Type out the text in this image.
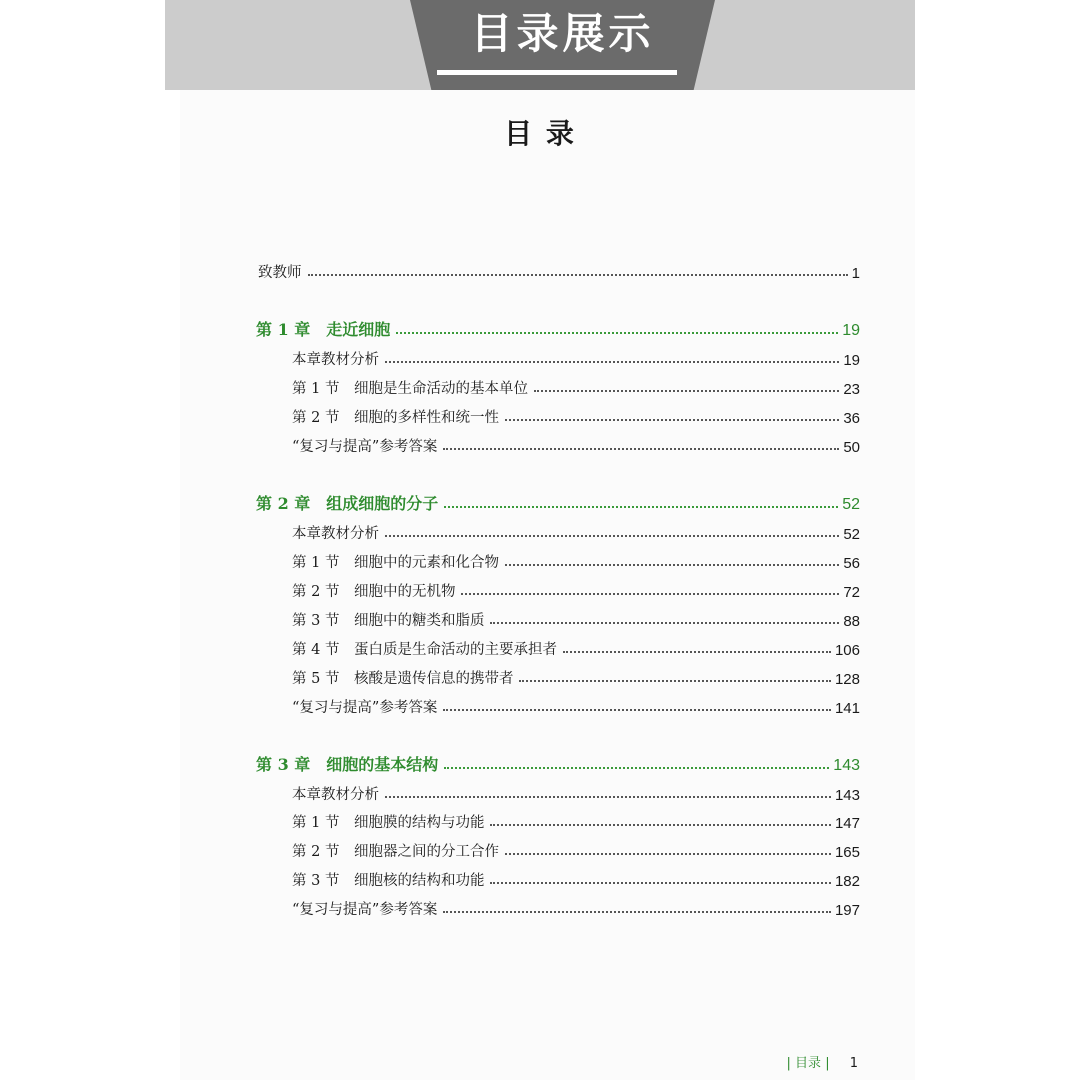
目录展示
目 录
致教师	1
第 1 章　走近细胞	19
本章教材分析	19
第 1 节　细胞是生命活动的基本单位	23
第 2 节　细胞的多样性和统一性	36
“复习与提高”参考答案	50
第 2 章　组成细胞的分子	52
本章教材分析	52
第 1 节　细胞中的元素和化合物	56
第 2 节　细胞中的无机物	72
第 3 节　细胞中的糖类和脂质	88
第 4 节　蛋白质是生命活动的主要承担者	106
第 5 节　核酸是遗传信息的携带者	128
“复习与提高”参考答案	141
第 3 章　细胞的基本结构	143
本章教材分析	143
第 1 节　细胞膜的结构与功能	147
第 2 节　细胞器之间的分工合作	165
第 3 节　细胞核的结构和功能	182
“复习与提高”参考答案	197
| 目录 | 1
